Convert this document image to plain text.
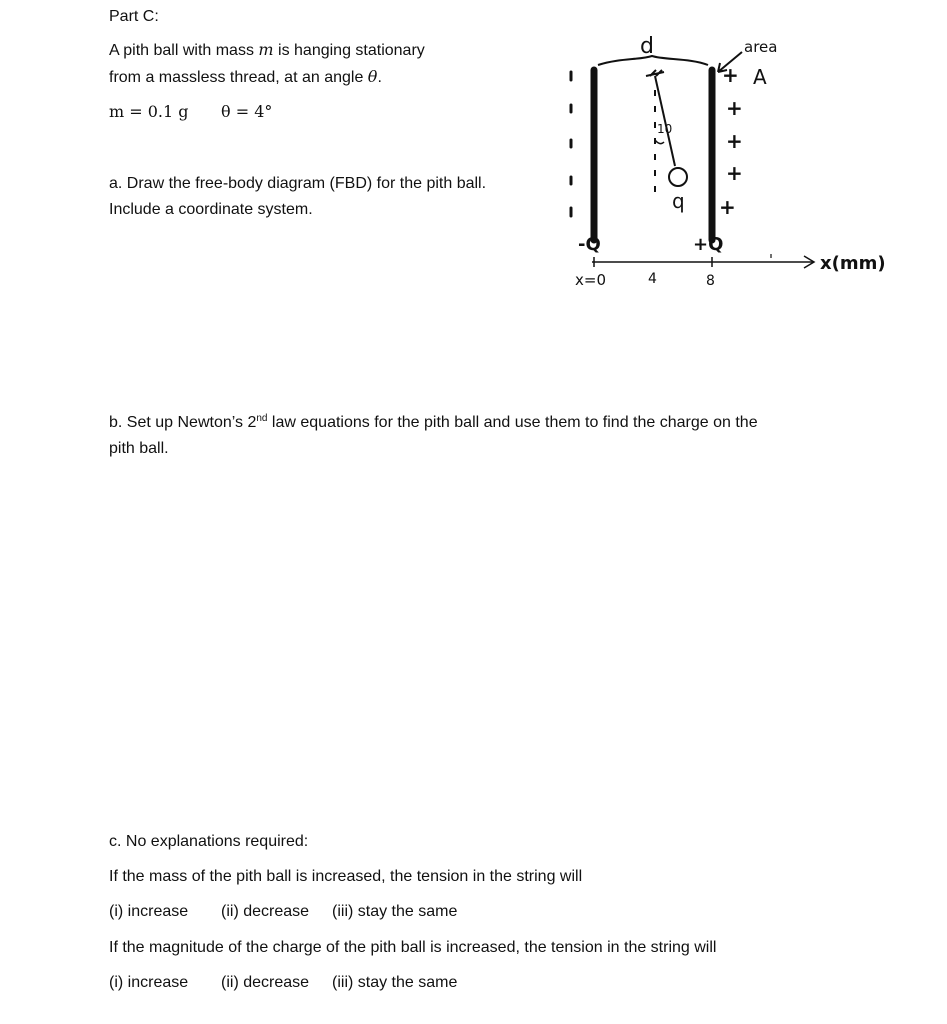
Part C:

A pith ball with mass m is hanging stationary

from a massless thread, at an angle θ.

m = 0.1 g θ = 4°

a. Draw the free-body diagram (FBD) for the pith ball.

Include a coordinate system.

+
+
+
+
+
d	area
A
10
q
-Q	+Q
x=0	4	8
x(mm)

b. Set up Newton’s 2nd law equations for the pith ball and use them to find the charge on the

pith ball.

c. No explanations required:

If the mass of the pith ball is increased, the tension in the string will

(i) increase (ii) decrease (iii) stay the same

If the magnitude of the charge of the pith ball is increased, the tension in the string will

(i) increase (ii) decrease (iii) stay the same
